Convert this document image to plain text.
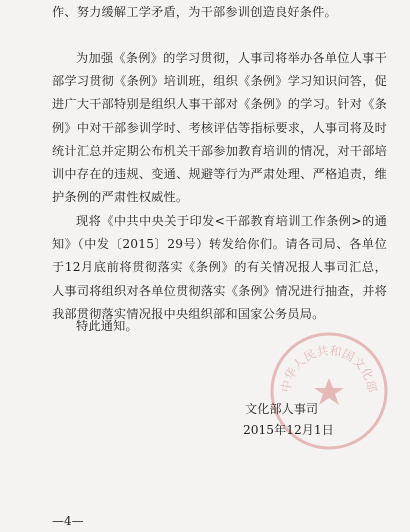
作、努力缓解工学矛盾，为干部参训创造良好条件。

为加强《条例》的学习贯彻，人事司将举办各单位人事干部学习贯彻《条例》培训班，组织《条例》学习知识问答，促进广大干部特别是组织人事干部对《条例》的学习。针对《条例》中对干部参训学时、考核评估等指标要求，人事司将及时统计汇总并定期公布机关干部参加教育培训的情况，对干部培训中存在的违规、变通、规避等行为严肃处理、严格追责，维护条例的严肃性权威性。

现将《中共中央关于印发<干部教育培训工作条例>的通知》（中发〔2015〕29号）转发给你们。请各司局、各单位于12月底前将贯彻落实《条例》的有关情况报人事司汇总，人事司将组织对各单位贯彻落实《条例》情况进行抽查，并将我部贯彻落实情况报中央组织部和国家公务员局。

特此通知。

中华人民共和国文化部
文化部人事司
2015年12月1日
—4—
